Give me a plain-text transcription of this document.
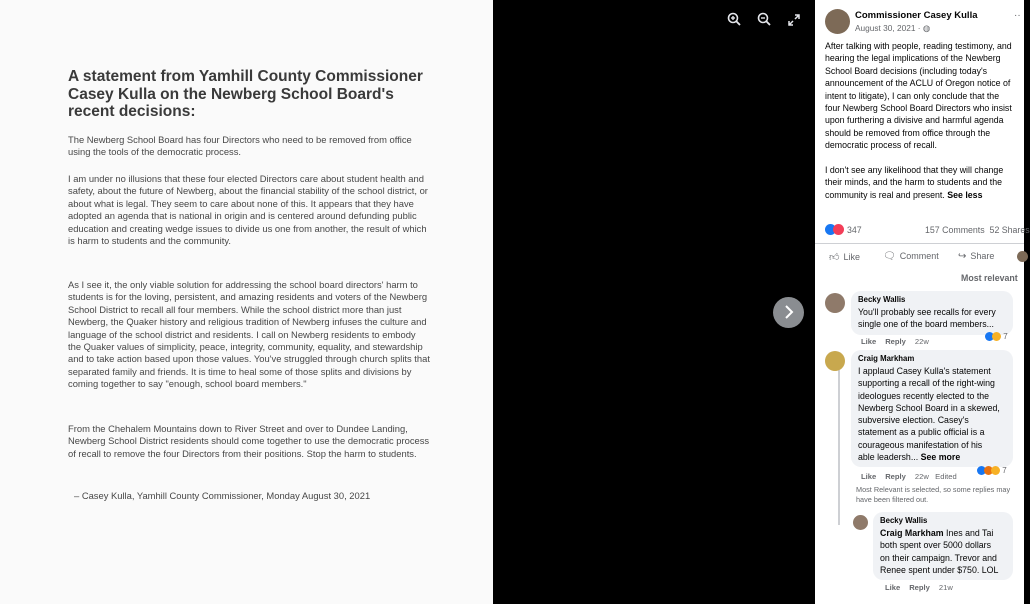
A statement from Yamhill County Commissioner Casey Kulla on the Newberg School Board's recent decisions:
The Newberg School Board has four Directors who need to be removed from office using the tools of the democratic process.
I am under no illusions that these four elected Directors care about student health and safety, about the future of Newberg, about the financial stability of the school district, or about what is legal. They seem to care about none of this. It appears that they have adopted an agenda that is national in origin and is centered around defunding public education and creating wedge issues to divide us one from another, the result of which is harm to students and the community.
As I see it, the only viable solution for addressing the school board directors' harm to students is for the loving, persistent, and amazing residents and voters of the Newberg School District to recall all four members. While the school district more than just Newberg, the Quaker history and religious tradition of Newberg infuses the culture and language of the school district and residents. I call on Newberg residents to embody the Quaker values of simplicity, peace, integrity, community, equality, and stewardship and to take action based upon those values. You've struggled through church splits that separated family and friends. It is time to heal some of those splits and divisions by coming together to say "enough, school board members."
From the Chehalem Mountains down to River Street and over to Dundee Landing, Newberg School District residents should come together to use the democratic process of recall to remove the four Directors from their positions. Stop the harm to students.
– Casey Kulla, Yamhill County Commissioner, Monday August 30, 2021
Commissioner Casey Kulla
August 30, 2021 · ◍
··

After talking with people, reading testimony, and
hearing the legal implications of the Newberg
School Board decisions (including today's
announcement of the ACLU of Oregon notice of
intent to litigate), I can only conclude that the
four Newberg School Board Directors who insist
upon furthering a divisive and harmful agenda
should be removed from office through the
democratic process of recall.

I don't see any likelihood that they will change
their minds, and the harm to students and the
community is real and present. See less

347	157 Comments 52 Shares
👍︎ Like 🗨︎ Comment ↪ Share
Most relevant
Becky Wallis
You'll probably see recalls for every
single one of the board members...
Like Reply 22w

7
Craig Markham
I applaud Casey Kulla's statement
supporting a recall of the right-wing
ideologues recently elected to the
Newberg School Board in a skewed,
subversive election. Casey's
statement as a public official is a
courageous manifestation of his
able leadersh... See more
Like Reply 22w Edited

7
Most Relevant is selected, so some replies may have been filtered out.
Becky Wallis
Craig Markham Ines and Tai
both spent over 5000 dollars
on their campaign. Trevor and
Renee spent under $750. LOL
Like Reply 21w
